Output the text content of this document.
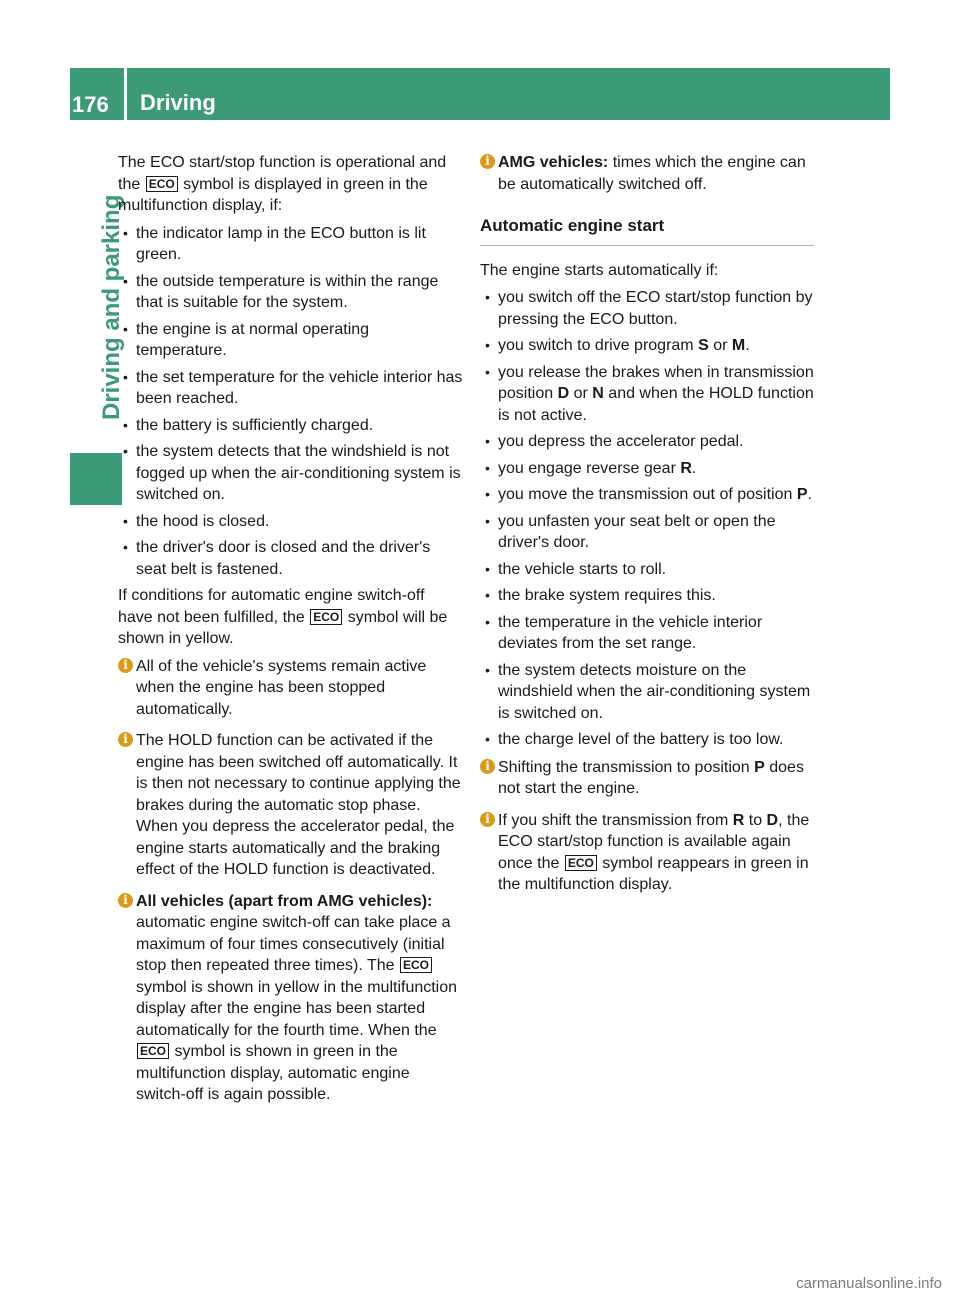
176	Driving
Driving and parking

The ECO start/stop function is operational and the ECO symbol is displayed in green in the multifunction display, if:

• the indicator lamp in the ECO button is lit green.
• the outside temperature is within the range that is suitable for the system.
• the engine is at normal operating temperature.
• the set temperature for the vehicle interior has been reached.
• the battery is sufficiently charged.
• the system detects that the windshield is not fogged up when the air-conditioning system is switched on.
• the hood is closed.
• the driver's door is closed and the driver's seat belt is fastened.

If conditions for automatic engine switch-off have not been fulfilled, the ECO symbol will be shown in yellow.

i All of the vehicle's systems remain active when the engine has been stopped automatically.
i The HOLD function can be activated if the engine has been switched off automatically. It is then not necessary to continue applying the brakes during the automatic stop phase. When you depress the accelerator pedal, the engine starts automatically and the braking effect of the HOLD function is deactivated.
i All vehicles (apart from AMG vehicles): automatic engine switch-off can take place a maximum of four times consecutively (initial stop then repeated three times). The ECO symbol is shown in yellow in the multifunction display after the engine has been started automatically for the fourth time. When the ECO symbol is shown in green in the multifunction display, automatic engine switch-off is again possible.
i AMG vehicles: times which the engine can be automatically switched off.
Automatic engine start

The engine starts automatically if:

• you switch off the ECO start/stop function by pressing the ECO button.
• you switch to drive program S or M.
• you release the brakes when in transmission position D or N and when the HOLD function is not active.
• you depress the accelerator pedal.
• you engage reverse gear R.
• you move the transmission out of position P.
• you unfasten your seat belt or open the driver's door.
• the vehicle starts to roll.
• the brake system requires this.
• the temperature in the vehicle interior deviates from the set range.
• the system detects moisture on the windshield when the air-conditioning system is switched on.
• the charge level of the battery is too low.
i Shifting the transmission to position P does not start the engine.
i If you shift the transmission from R to D, the ECO start/stop function is available again once the ECO symbol reappears in green in the multifunction display.
carmanualsonline.info
